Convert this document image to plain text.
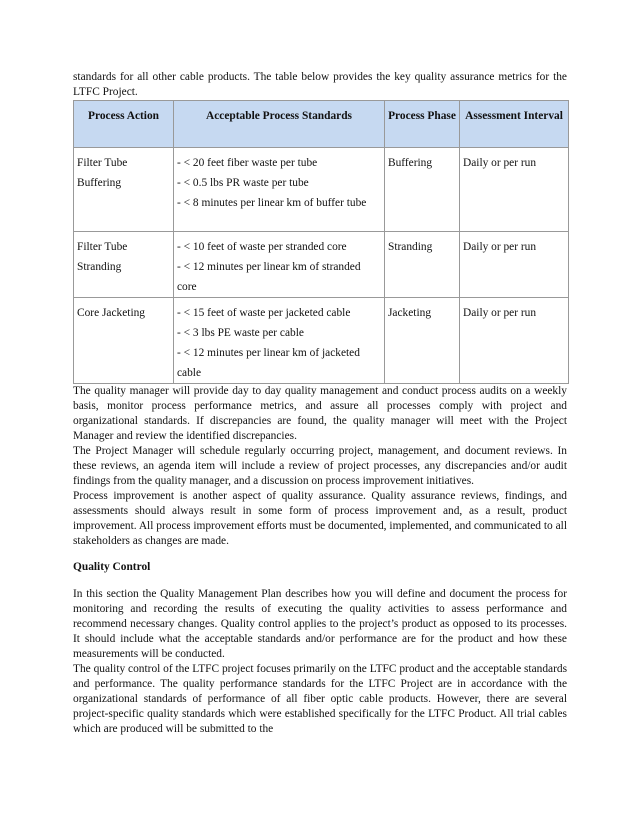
standards for all other cable products. The table below provides the key quality assurance metrics for the LTFC Project.

Process Action	Acceptable Process Standards	Process Phase	Assessment Interval
Filter Tube Buffering	- < 20 feet fiber waste per tube
- < 0.5 lbs PR waste per tube
- < 8 minutes per linear km of buffer tube	Buffering	Daily or per run
Filter Tube Stranding	- < 10 feet of waste per stranded core
- < 12 minutes per linear km of stranded core	Stranding	Daily or per run
Core Jacketing	- < 15 feet of waste per jacketed cable
- < 3 lbs PE waste per cable
- < 12 minutes per linear km of jacketed cable	Jacketing	Daily or per run

The quality manager will provide day to day quality management and conduct process audits on a weekly basis, monitor process performance metrics, and assure all processes comply with project and organizational standards. If discrepancies are found, the quality manager will meet with the Project Manager and review the identified discrepancies.

The Project Manager will schedule regularly occurring project, management, and document reviews. In these reviews, an agenda item will include a review of project processes, any discrepancies and/or audit findings from the quality manager, and a discussion on process improvement initiatives.

Process improvement is another aspect of quality assurance. Quality assurance reviews, findings, and assessments should always result in some form of process improvement and, as a result, product improvement. All process improvement efforts must be documented, implemented, and communicated to all stakeholders as changes are made.

Quality Control

In this section the Quality Management Plan describes how you will define and document the process for monitoring and recording the results of executing the quality activities to assess performance and recommend necessary changes. Quality control applies to the project’s product as opposed to its processes. It should include what the acceptable standards and/or performance are for the product and how these measurements will be conducted.

The quality control of the LTFC project focuses primarily on the LTFC product and the acceptable standards and performance. The quality performance standards for the LTFC Project are in accordance with the organizational standards of performance of all fiber optic cable products. However, there are several project-specific quality standards which were established specifically for the LTFC Product. All trial cables which are produced will be submitted to the
